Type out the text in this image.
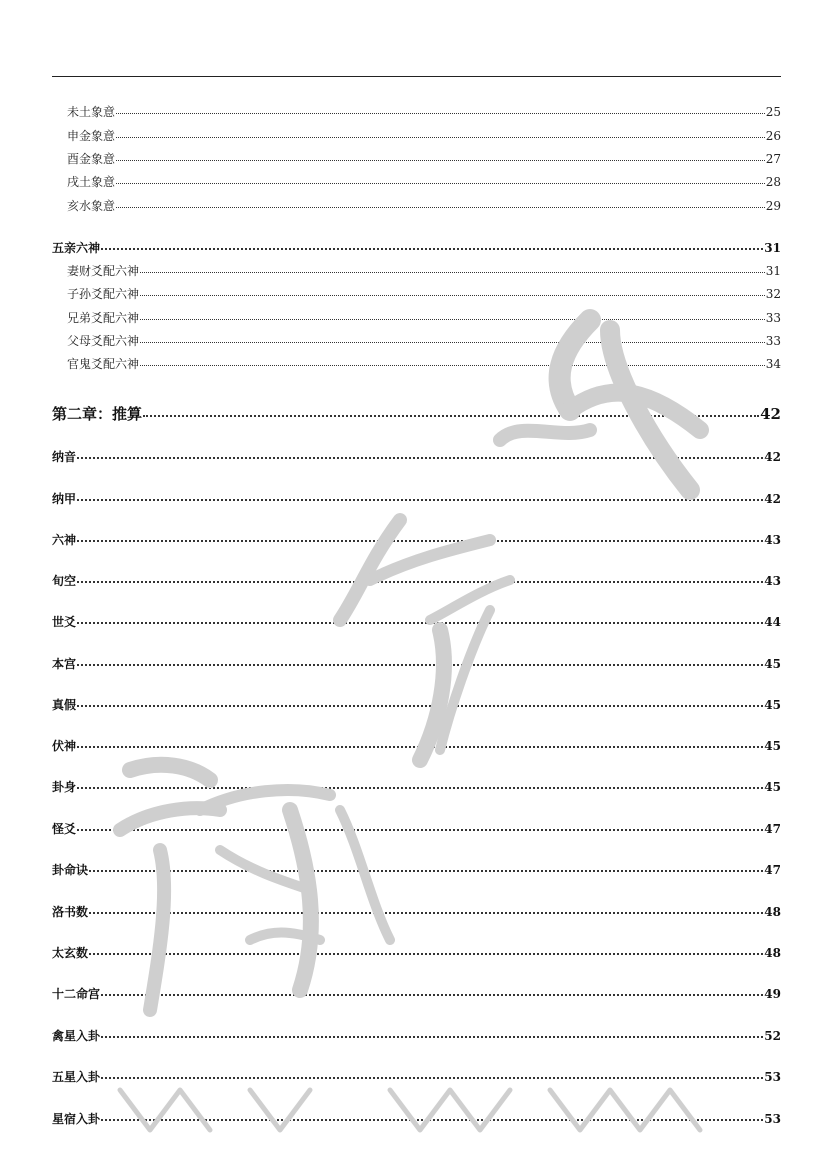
未土象意	25
申金象意	26
酉金象意	27
戌土象意	28
亥水象意	29
五亲六神	31
妻财爻配六神	31
子孙爻配六神	32
兄弟爻配六神	33
父母爻配六神	33
官鬼爻配六神	34
第二章：推算	42
纳音	42
纳甲	42
六神	43
旬空	43
世爻	44
本宫	45
真假	45
伏神	45
卦身	45
怪爻	47
卦命诀	47
洛书数	48
太玄数	48
十二命宫	49
禽星入卦	52
五星入卦	53
星宿入卦	53
